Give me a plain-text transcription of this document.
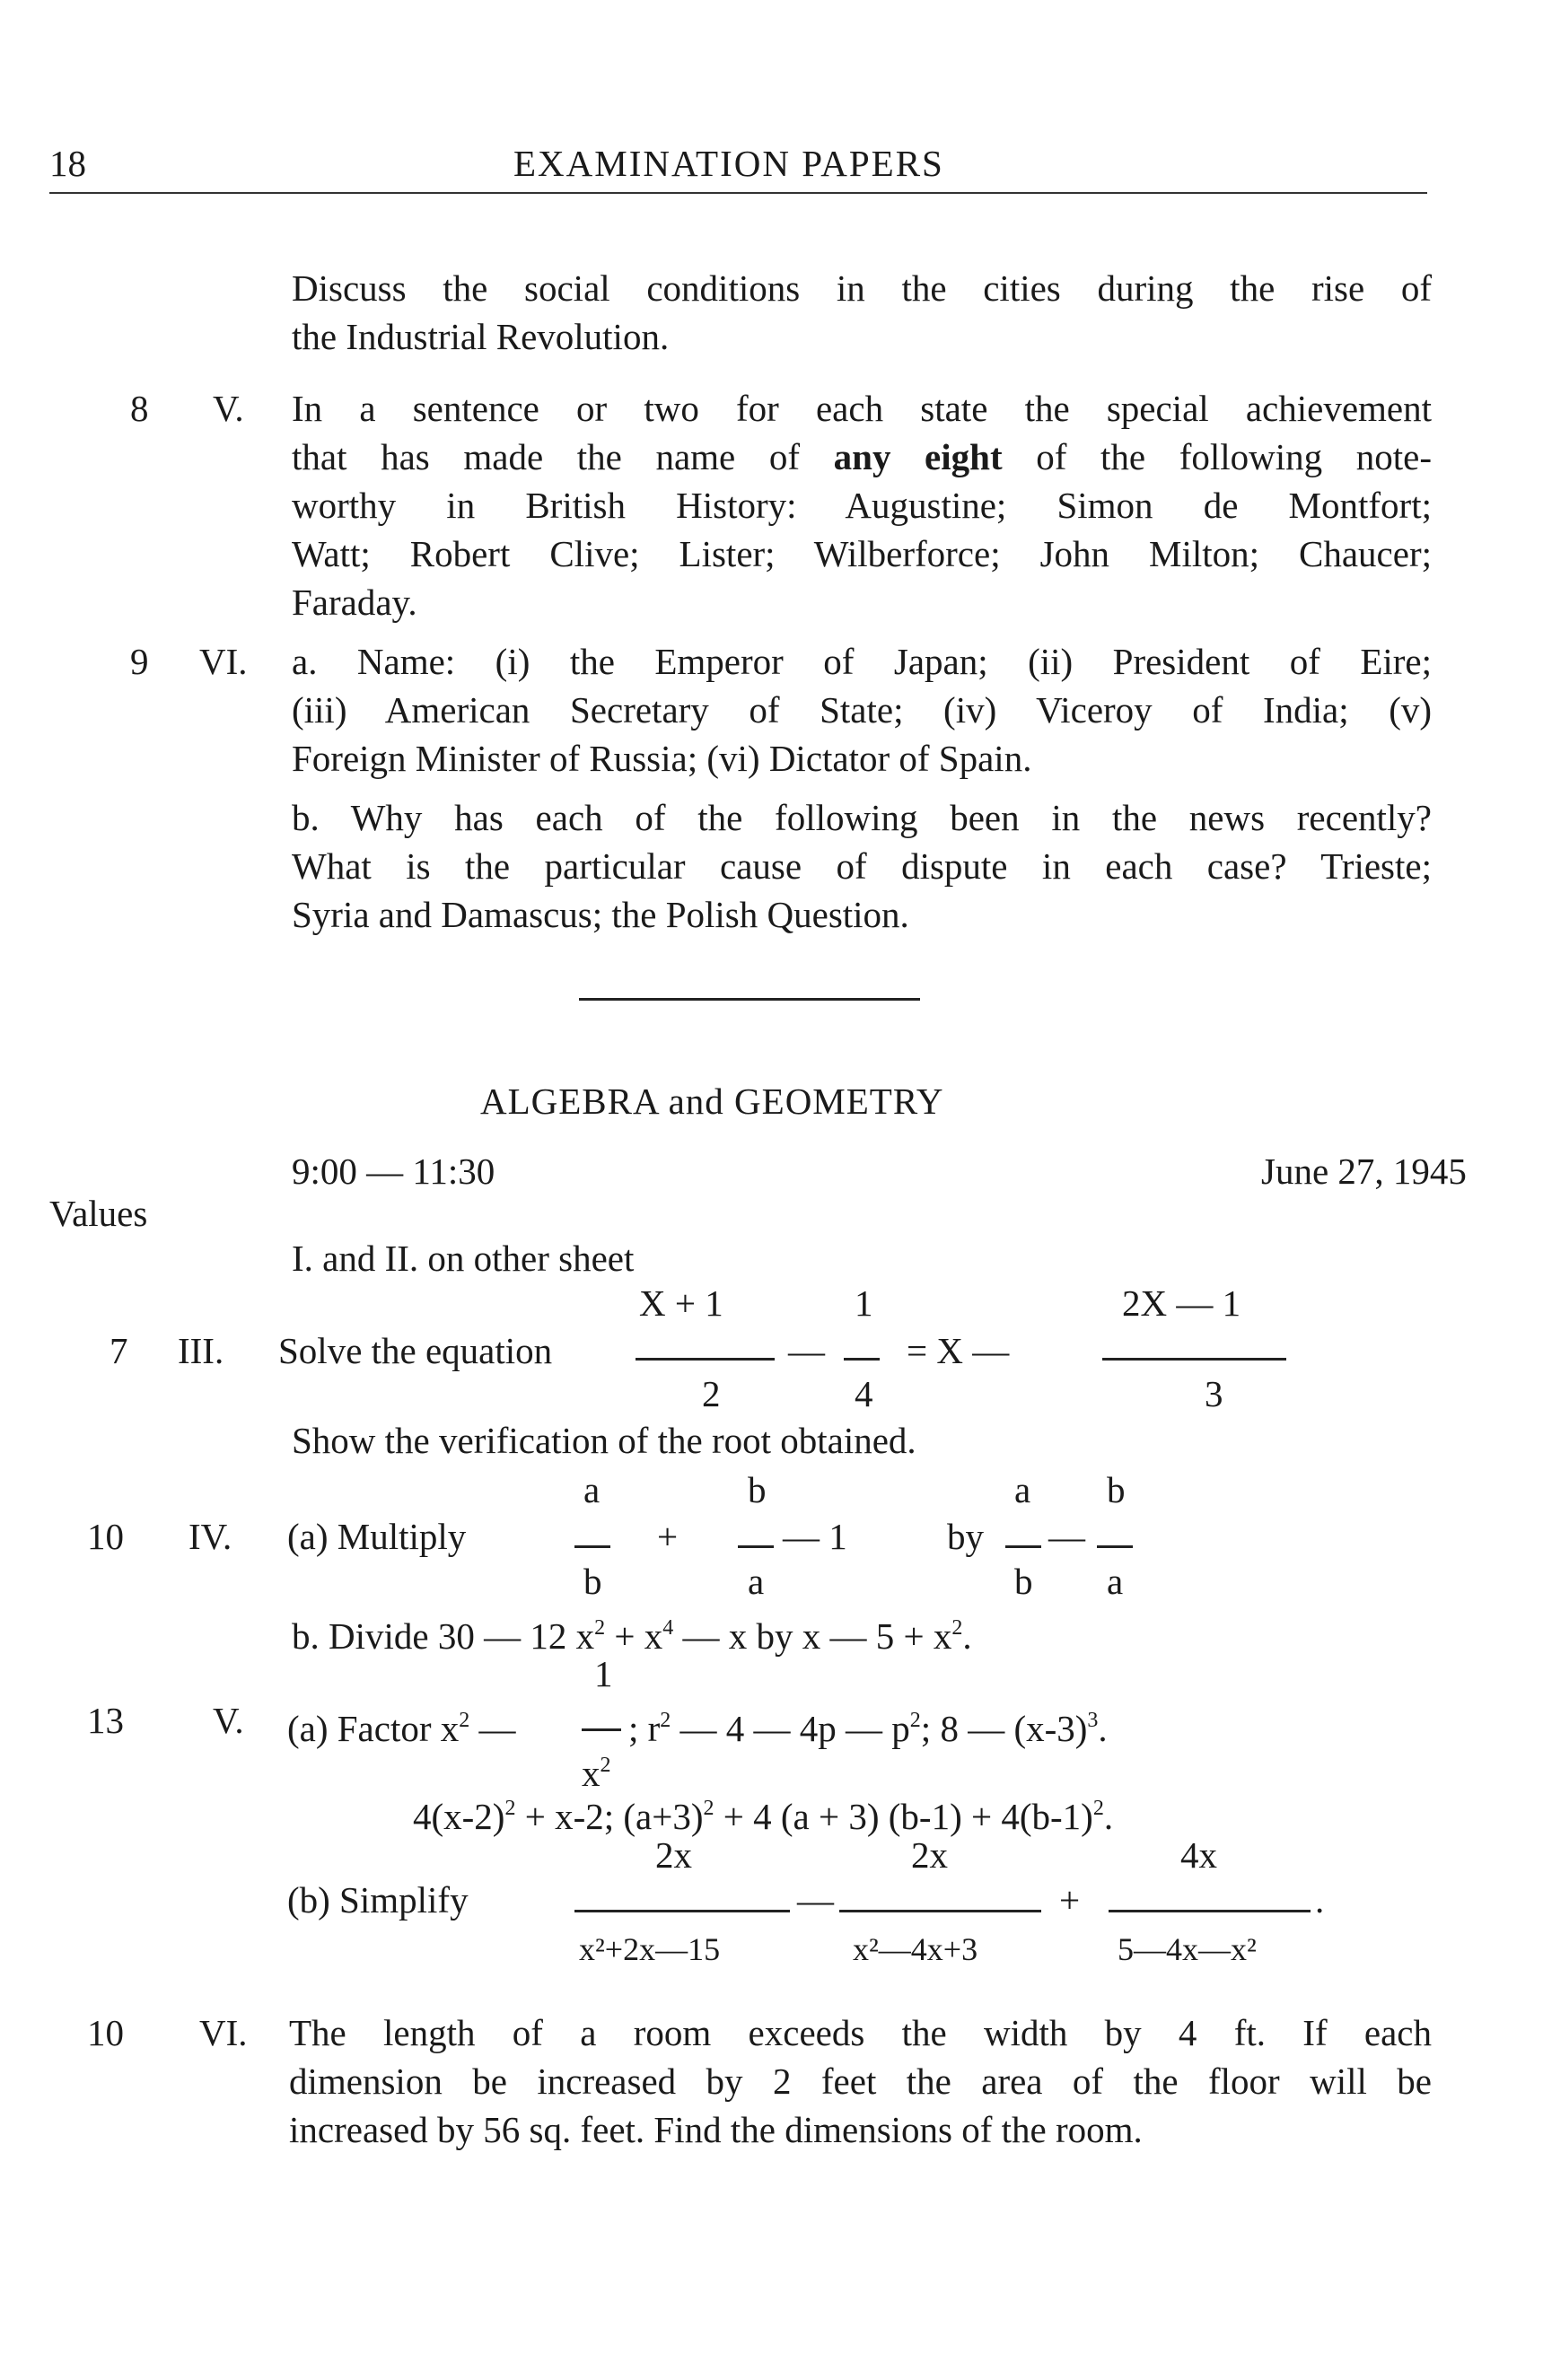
18	EXAMINATION PAPERS
Discuss the social conditions in the cities during the rise of
the Industrial Revolution.
8 V. In a sentence or two for each state the special achievement
that has made the name of any eight of the following note-
worthy in British History: Augustine; Simon de Montfort;
Watt; Robert Clive; Lister; Wilberforce; John Milton; Chaucer;
Faraday.
9 VI. a. Name: (i) the Emperor of Japan; (ii) President of Eire;
(iii) American Secretary of State; (iv) Viceroy of India; (v)
Foreign Minister of Russia; (vi) Dictator of Spain.
b. Why has each of the following been in the news recently?
What is the particular cause of dispute in each case? Trieste;
Syria and Damascus; the Polish Question.
ALGEBRA and GEOMETRY
9:00 — 11:30	June 27, 1945
Values
I. and II. on other sheet
7 III. Solve the equation
X + 1
2
—
1
4
= X —
2X — 1
3
Show the verification of the root obtained.
10 IV. (a) Multiply
a
b
+
b
a
— 1	by
a
b
—
b
a
b. Divide 30 — 12 $x^2 + x^4$ — x by x — $5 + x^2$.
13 V. (a) Factor $x^2$ —
1
$x^2$
; $r^2$ — 4 — 4p — $p^2$; 8 — $(x-3)^3$.
$4(x-2)^2 + x-2$; $(a+3)^2 + 4$ (a + 3) $(b-1) + 4(b-1)^2$.
(b) Simplify
2x
x²+2x—15
—
2x
x²—4x+3
+
4x
5—4x—x²
.
10 VI. The length of a room exceeds the width by 4 ft. If each
dimension be increased by 2 feet the area of the floor will be
increased by 56 sq. feet. Find the dimensions of the room.
